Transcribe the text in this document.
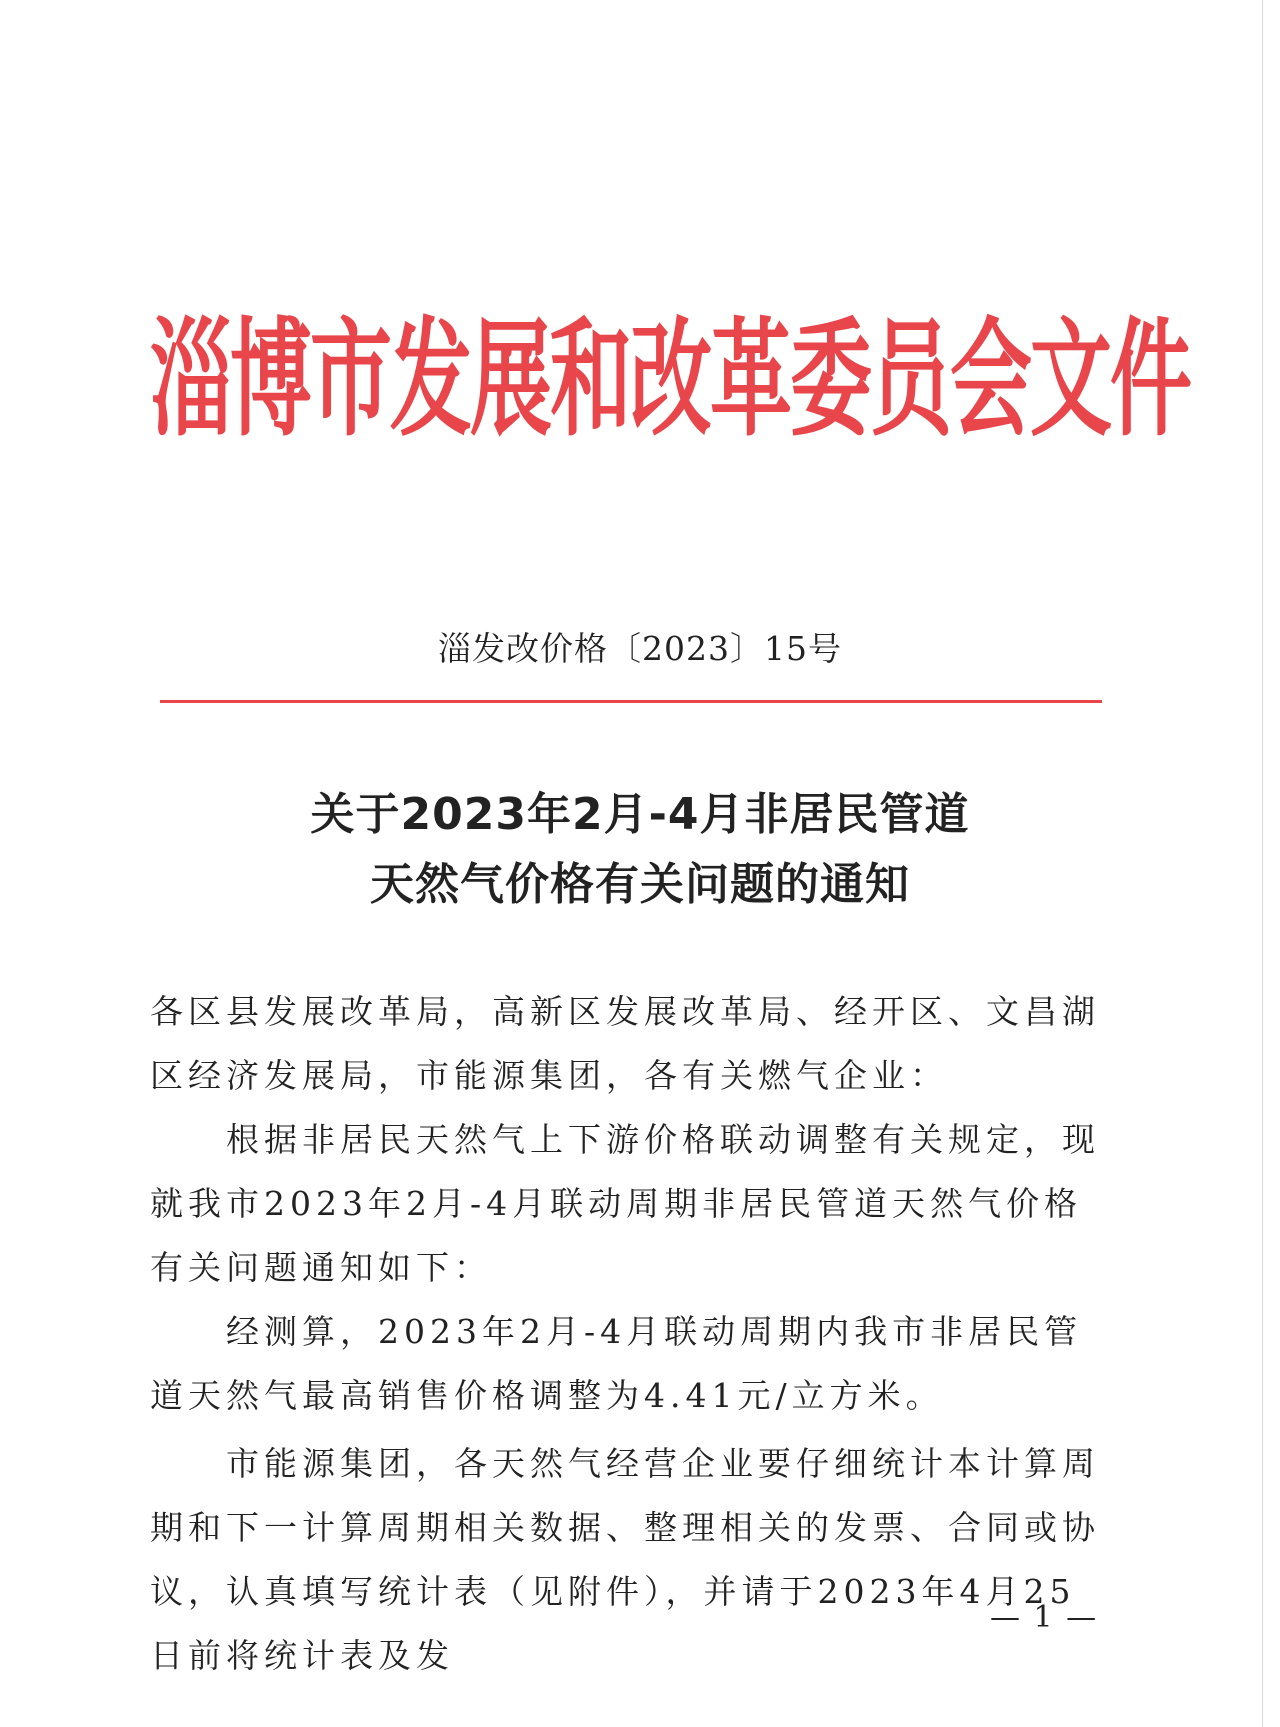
淄博市发展和改革委员会文件
淄发改价格〔2023〕15号
关于2023年2月-4月非居民管道
天然气价格有关问题的通知

各区县发展改革局，高新区发展改革局、经开区、文昌湖区经济发展局，市能源集团，各有关燃气企业：

根据非居民天然气上下游价格联动调整有关规定，现就我市2023年2月-4月联动周期非居民管道天然气价格有关问题通知如下：

经测算，2023年2月-4月联动周期内我市非居民管道天然气最高销售价格调整为4.41元/立方米。

市能源集团，各天然气经营企业要仔细统计本计算周期和下一计算周期相关数据、整理相关的发票、合同或协议，认真填写统计表（见附件），并请于2023年4月25日前将统计表及发

— 1 —
